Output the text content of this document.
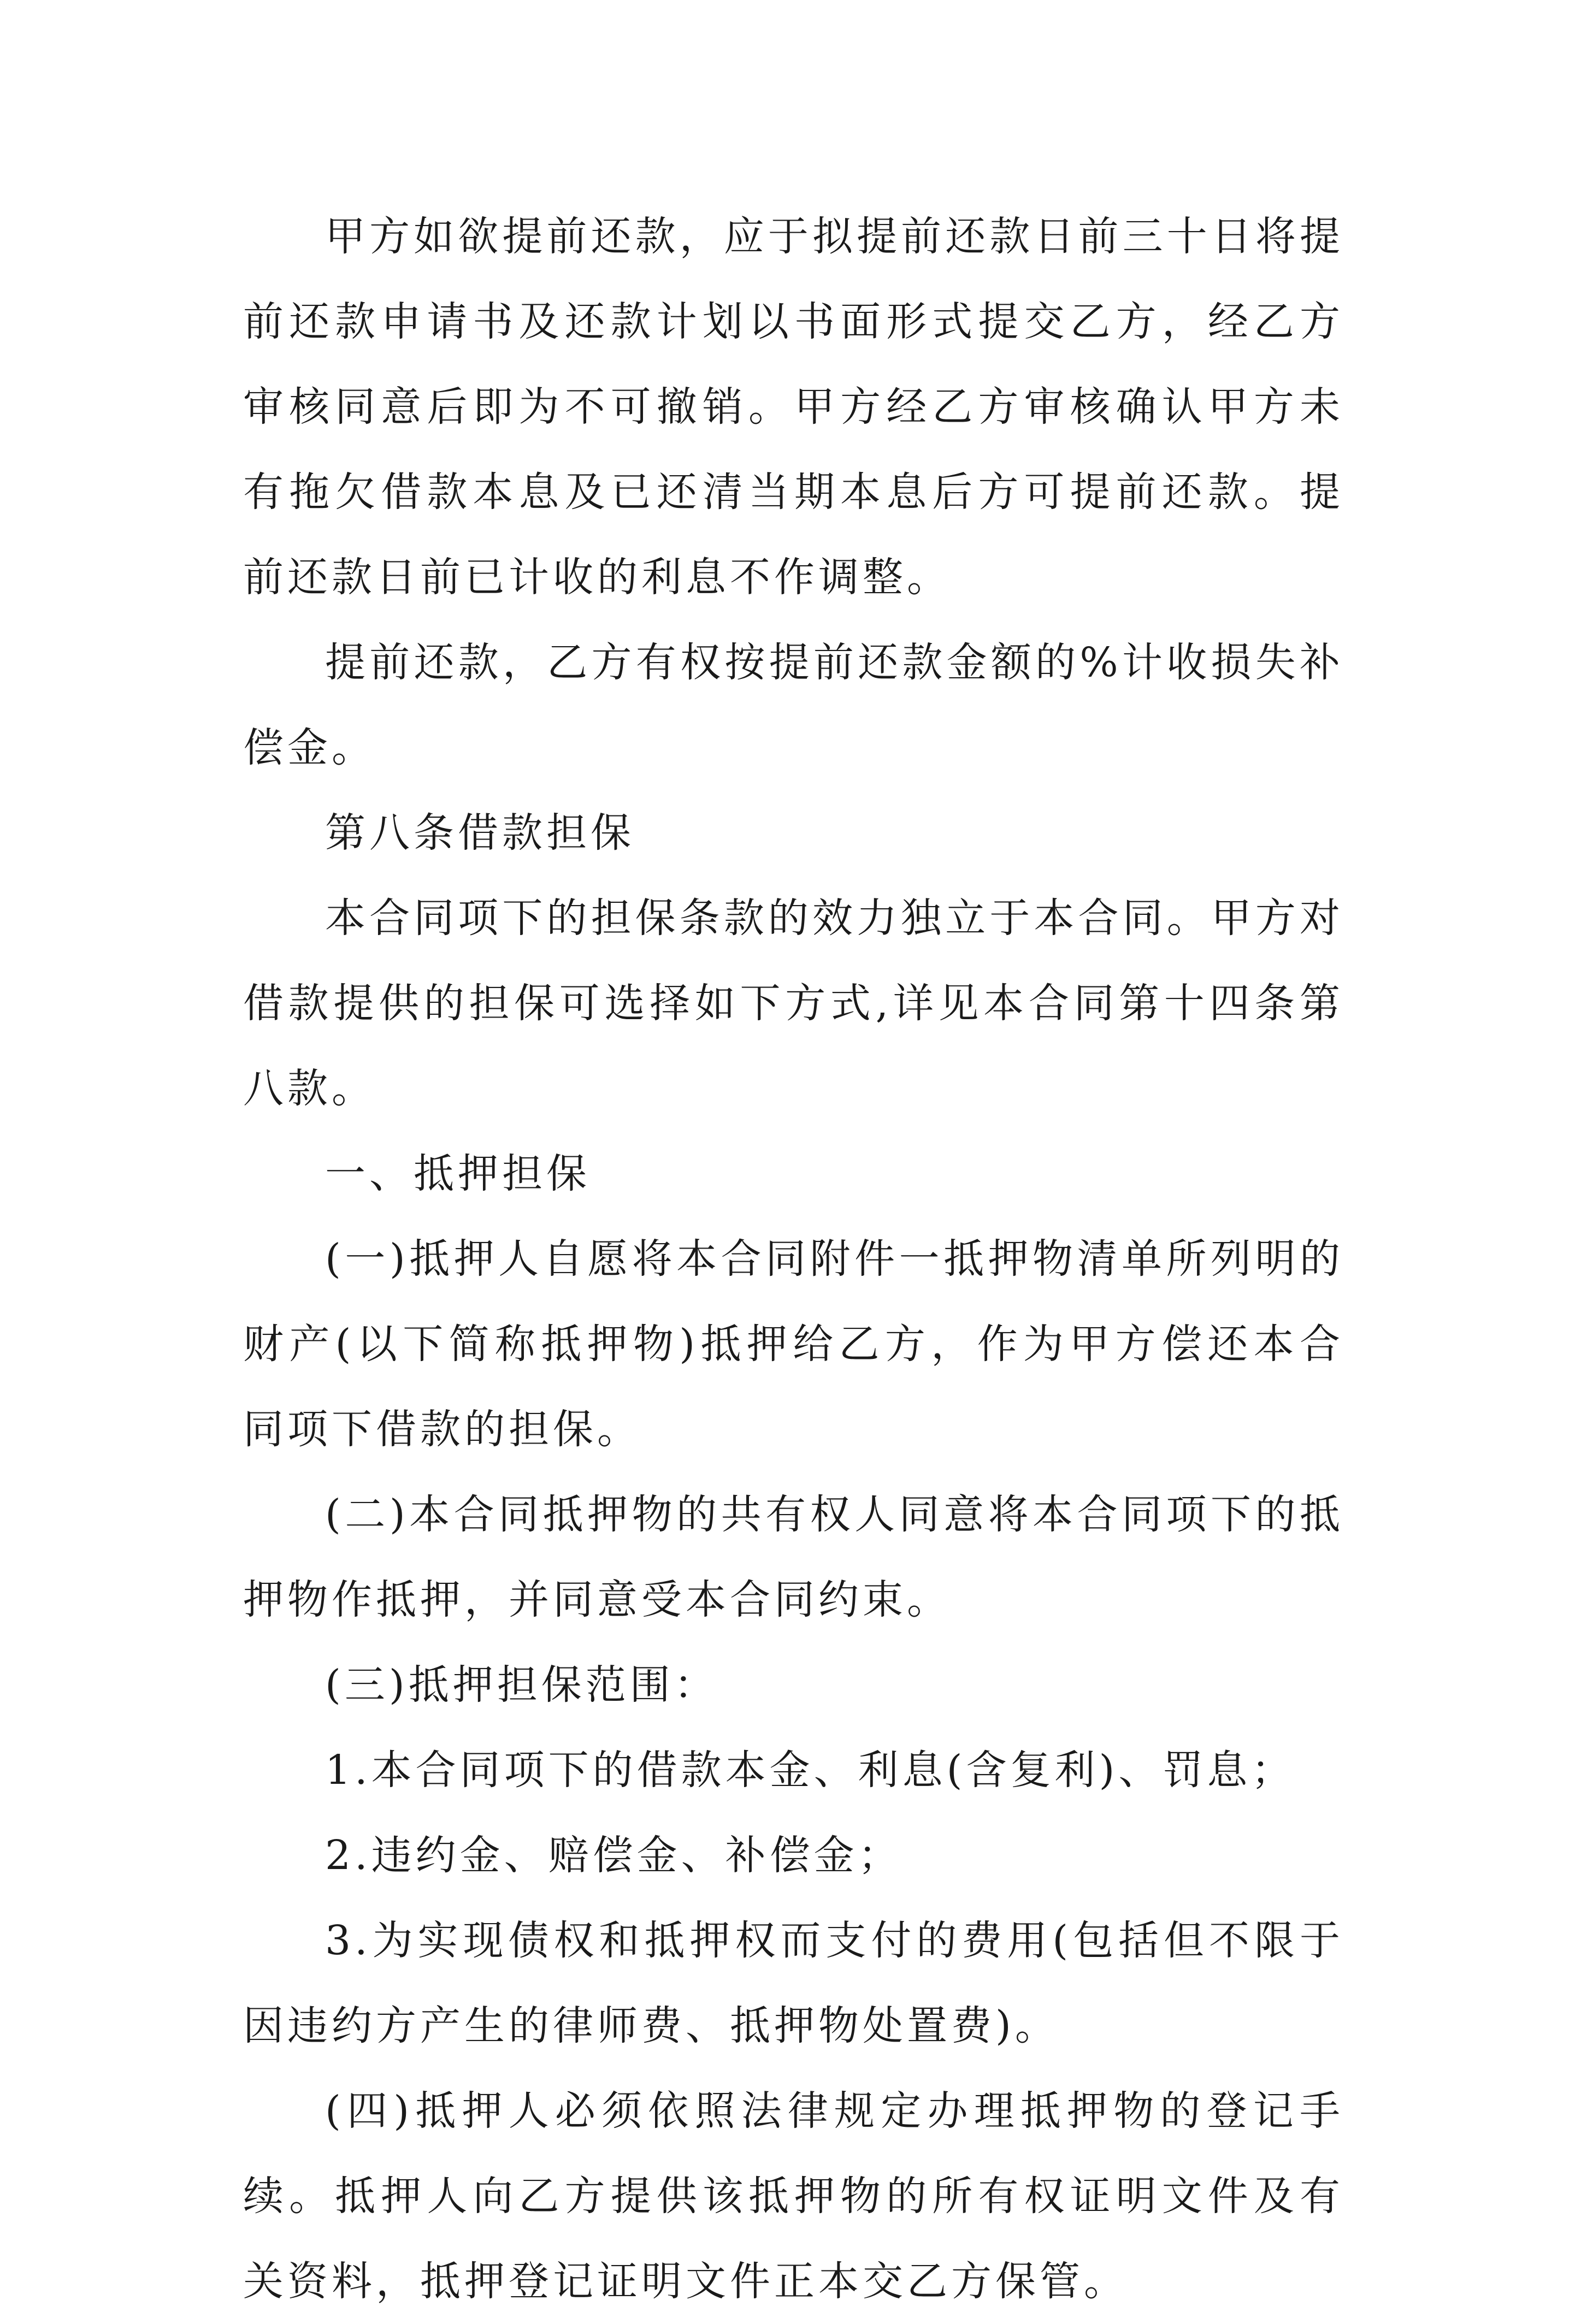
甲方如欲提前还款，应于拟提前还款日前三十日将提前还款申请书及还款计划以书面形式提交乙方，经乙方审核同意后即为不可撤销。甲方经乙方审核确认甲方未有拖欠借款本息及已还清当期本息后方可提前还款。提前还款日前已计收的利息不作调整。

提前还款，乙方有权按提前还款金额的%计收损失补偿金。

第八条借款担保

本合同项下的担保条款的效力独立于本合同。甲方对借款提供的担保可选择如下方式,详见本合同第十四条第八款。

一、抵押担保

(一)抵押人自愿将本合同附件一抵押物清单所列明的财产(以下简称抵押物)抵押给乙方，作为甲方偿还本合同项下借款的担保。

(二)本合同抵押物的共有权人同意将本合同项下的抵押物作抵押，并同意受本合同约束。

(三)抵押担保范围：

1.本合同项下的借款本金、利息(含复利)、罚息；

2.违约金、赔偿金、补偿金；

3.为实现债权和抵押权而支付的费用(包括但不限于因违约方产生的律师费、抵押物处置费)。

(四)抵押人必须依照法律规定办理抵押物的登记手续。抵押人向乙方提供该抵押物的所有权证明文件及有关资料，抵押登记证明文件正本交乙方保管。
